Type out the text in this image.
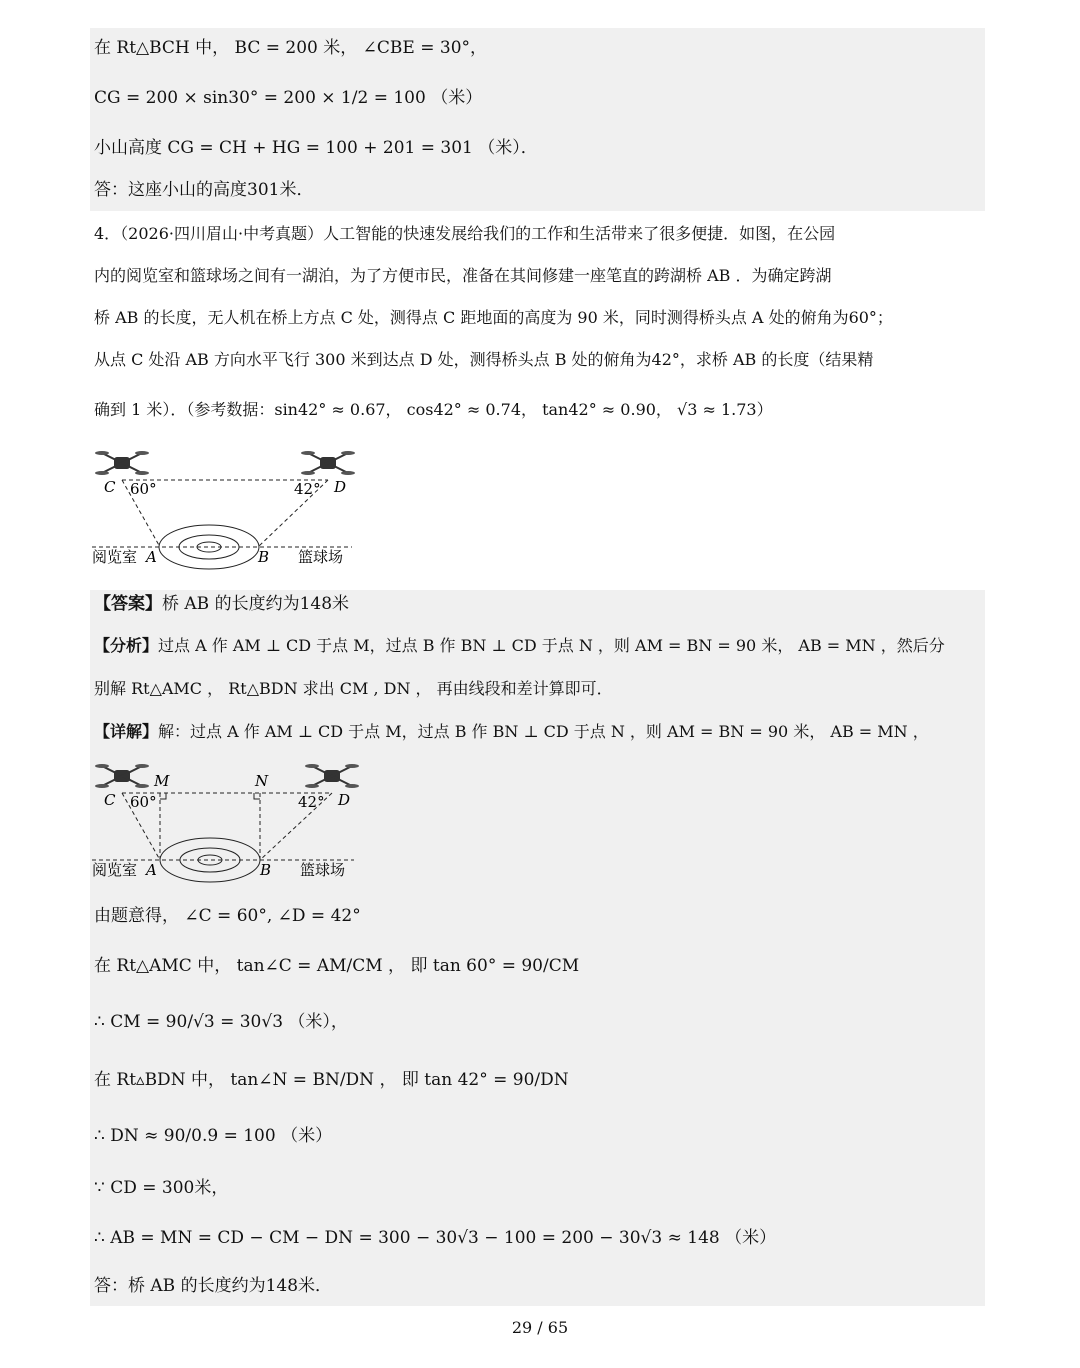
在 Rt△BCH 中， BC = 200 米， ∠CBE = 30°，
CG = 200 × sin30° = 200 × 1/2 = 100 （米）
小山高度 CG = CH + HG = 100 + 201 = 301 （米）．
答：这座小山的高度301米．
4．（2026·四川眉山·中考真题）人工智能的快速发展给我们的工作和生活带来了很多便捷．如图，在公园
内的阅览室和篮球场之间有一湖泊，为了方便市民，准备在其间修建一座笔直的跨湖桥 AB ．为确定跨湖
桥 AB 的长度，无人机在桥上方点 C 处，测得点 C 距地面的高度为 90 米，同时测得桥头点 A 处的俯角为60°；
从点 C 处沿 AB 方向水平飞行 300 米到达点 D 处，测得桥头点 B 处的俯角为42°，求桥 AB 的长度（结果精
确到 1 米）．（参考数据：sin42° ≈ 0.67， cos42° ≈ 0.74， tan42° ≈ 0.90， √3 ≈ 1.73）
C 60°	42° D
阅览室 A	B 篮球场
【答案】桥 AB 的长度约为148米
【分析】过点 A 作 AM ⊥ CD 于点 M，过点 B 作 BN ⊥ CD 于点 N ，则 AM = BN = 90 米， AB = MN ，然后分
别解 Rt△AMC ， Rt△BDN 求出 CM , DN ， 再由线段和差计算即可．
【详解】解：过点 A 作 AM ⊥ CD 于点 M，过点 B 作 BN ⊥ CD 于点 N ，则 AM = BN = 90 米， AB = MN ，
M	N
C 60°	42° D
阅览室 A	B 篮球场
由题意得， ∠C = 60°, ∠D = 42°
在 Rt△AMC 中， tan∠C = AM/CM ， 即 tan 60° = 90/CM
∴ CM = 90/√3 = 30√3 （米），
在 Rt▵BDN 中， tan∠N = BN/DN ， 即 tan 42° = 90/DN
∴ DN ≈ 90/0.9 = 100 （米）
∵ CD = 300米，
∴ AB = MN = CD − CM − DN = 300 − 30√3 − 100 = 200 − 30√3 ≈ 148 （米）
答：桥 AB 的长度约为148米．
29 / 65
